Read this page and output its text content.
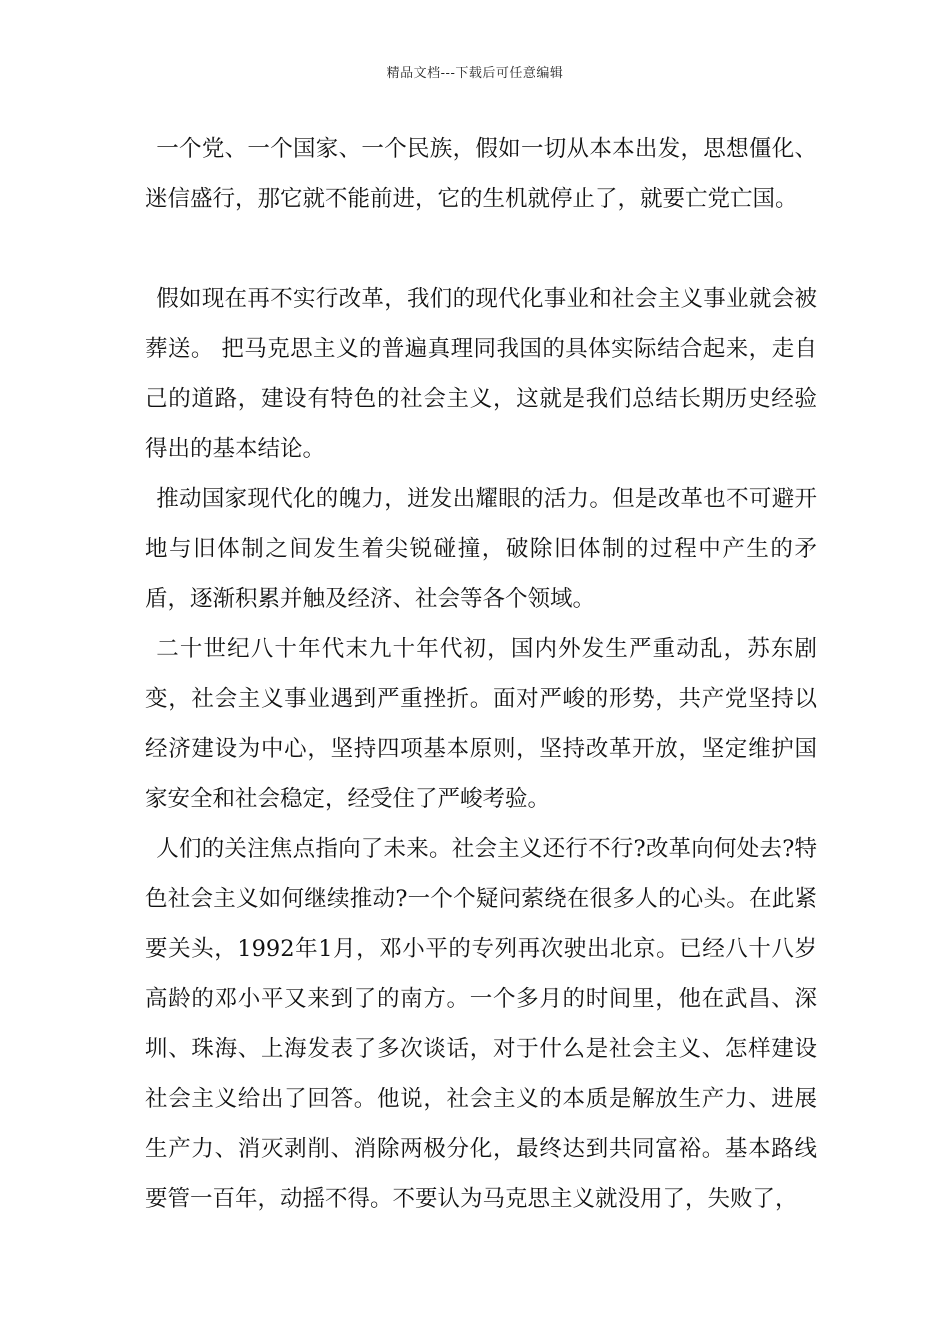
精品文档---下载后可任意编辑

一个党、一个国家、一个民族，假如一切从本本出发，思想僵化、迷信盛行，那它就不能前进，它的生机就停止了，就要亡党亡国。

假如现在再不实行改革，我们的现代化事业和社会主义事业就会被葬送。 把马克思主义的普遍真理同我国的具体实际结合起来，走自己的道路，建设有特色的社会主义，这就是我们总结长期历史经验得出的基本结论。

推动国家现代化的魄力，迸发出耀眼的活力。但是改革也不可避开地与旧体制之间发生着尖锐碰撞，破除旧体制的过程中产生的矛盾，逐渐积累并触及经济、社会等各个领域。

二十世纪八十年代末九十年代初，国内外发生严重动乱，苏东剧变，社会主义事业遇到严重挫折。面对严峻的形势，共产党坚持以经济建设为中心，坚持四项基本原则，坚持改革开放，坚定维护国家安全和社会稳定，经受住了严峻考验。

人们的关注焦点指向了未来。社会主义还行不行?改革向何处去?特色社会主义如何继续推动?一个个疑问萦绕在很多人的心头。在此紧要关头，1992年1月，邓小平的专列再次驶出北京。已经八十八岁高龄的邓小平又来到了的南方。一个多月的时间里，他在武昌、深圳、珠海、上海发表了多次谈话，对于什么是社会主义、怎样建设社会主义给出了回答。他说，社会主义的本质是解放生产力、进展生产力、消灭剥削、消除两极分化，最终达到共同富裕。基本路线要管一百年，动摇不得。不要认为马克思主义就没用了，失败了，
